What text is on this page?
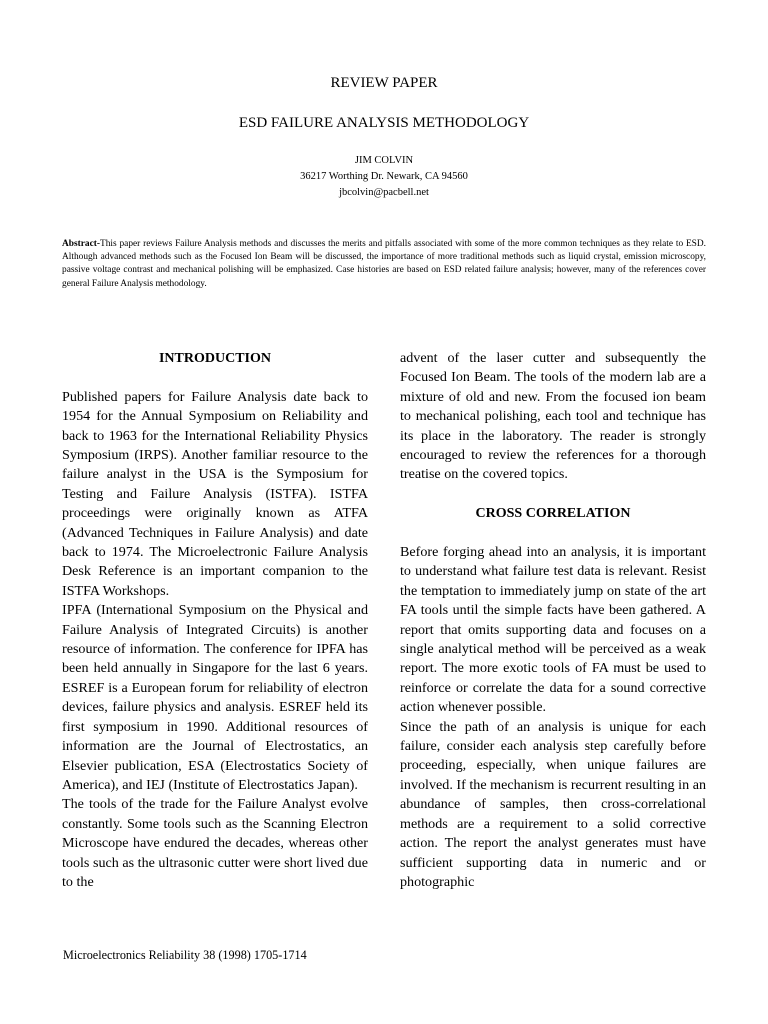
REVIEW PAPER
ESD FAILURE ANALYSIS METHODOLOGY
JIM COLVIN
36217 Worthing Dr. Newark, CA 94560
jbcolvin@pacbell.net

Abstract-This paper reviews Failure Analysis methods and discusses the merits and pitfalls associated with some of the more common techniques as they relate to ESD. Although advanced methods such as the Focused Ion Beam will be discussed, the importance of more traditional methods such as liquid crystal, emission microscopy, passive voltage contrast and mechanical polishing will be emphasized. Case histories are based on ESD related failure analysis; however, many of the references cover general Failure Analysis methodology.

INTRODUCTION

Published papers for Failure Analysis date back to 1954 for the Annual Symposium on Reliability and back to 1963 for the International Reliability Physics Symposium (IRPS). Another familiar resource to the failure analyst in the USA is the Symposium for Testing and Failure Analysis (ISTFA). ISTFA proceedings were originally known as ATFA (Advanced Techniques in Failure Analysis) and date back to 1974. The Microelectronic Failure Analysis Desk Reference is an important companion to the ISTFA Workshops.

IPFA (International Symposium on the Physical and Failure Analysis of Integrated Circuits) is another resource of information. The conference for IPFA has been held annually in Singapore for the last 6 years. ESREF is a European forum for reliability of electron devices, failure physics and analysis. ESREF held its first symposium in 1990. Additional resources of information are the Journal of Electrostatics, an Elsevier publication, ESA (Electrostatics Society of America), and IEJ (Institute of Electrostatics Japan).

The tools of the trade for the Failure Analyst evolve constantly. Some tools such as the Scanning Electron Microscope have endured the decades, whereas other tools such as the ultrasonic cutter were short lived due to the

advent of the laser cutter and subsequently the Focused Ion Beam. The tools of the modern lab are a mixture of old and new. From the focused ion beam to mechanical polishing, each tool and technique has its place in the laboratory. The reader is strongly encouraged to review the references for a thorough treatise on the covered topics.

CROSS CORRELATION

Before forging ahead into an analysis, it is important to understand what failure test data is relevant. Resist the temptation to immediately jump on state of the art FA tools until the simple facts have been gathered. A report that omits supporting data and focuses on a single analytical method will be perceived as a weak report. The more exotic tools of FA must be used to reinforce or correlate the data for a sound corrective action whenever possible.

Since the path of an analysis is unique for each failure, consider each analysis step carefully before proceeding, especially, when unique failures are involved. If the mechanism is recurrent resulting in an abundance of samples, then cross-correlational methods are a requirement to a solid corrective action. The report the analyst generates must have sufficient supporting data in numeric and or photographic

Microelectronics Reliability 38 (1998) 1705-1714
